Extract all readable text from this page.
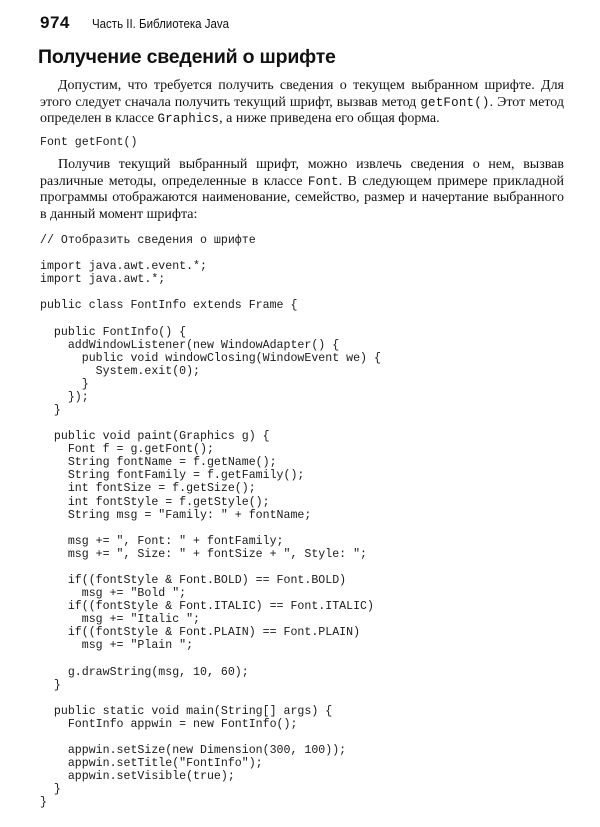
974 Часть II. Библиотека Java
Получение сведений о шрифте

Допустим, что требуется получить сведения о текущем выбранном шрифте. Для этого следует сначала получить текущий шрифт, вызвав метод getFont(). Этот метод определен в классе Graphics, а ниже приведена его общая форма.

Font getFont()

Получив текущий выбранный шрифт, можно извлечь сведения о нем, вызвав различные методы, определенные в классе Font. В следующем примере прикладной программы отображаются наименование, семейство, размер и начертание выбранного в данный момент шрифта:

// Отобразить сведения о шрифте

import java.awt.event.*;
import java.awt.*;

public class FontInfo extends Frame {

public FontInfo() {
addWindowListener(new WindowAdapter() {
public void windowClosing(WindowEvent we) {
System.exit(0);
}
});
}

public void paint(Graphics g) {
Font f = g.getFont();
String fontName = f.getName();
String fontFamily = f.getFamily();
int fontSize = f.getSize();
int fontStyle = f.getStyle();
String msg = "Family: " + fontName;

msg += ", Font: " + fontFamily;
msg += ", Size: " + fontSize + ", Style: ";

if((fontStyle & Font.BOLD) == Font.BOLD)
msg += "Bold ";
if((fontStyle & Font.ITALIC) == Font.ITALIC)
msg += "Italic ";
if((fontStyle & Font.PLAIN) == Font.PLAIN)
msg += "Plain ";

g.drawString(msg, 10, 60);
}

public static void main(String[] args) {
FontInfo appwin = new FontInfo();

appwin.setSize(new Dimension(300, 100));
appwin.setTitle("FontInfo");
appwin.setVisible(true);
}
}
